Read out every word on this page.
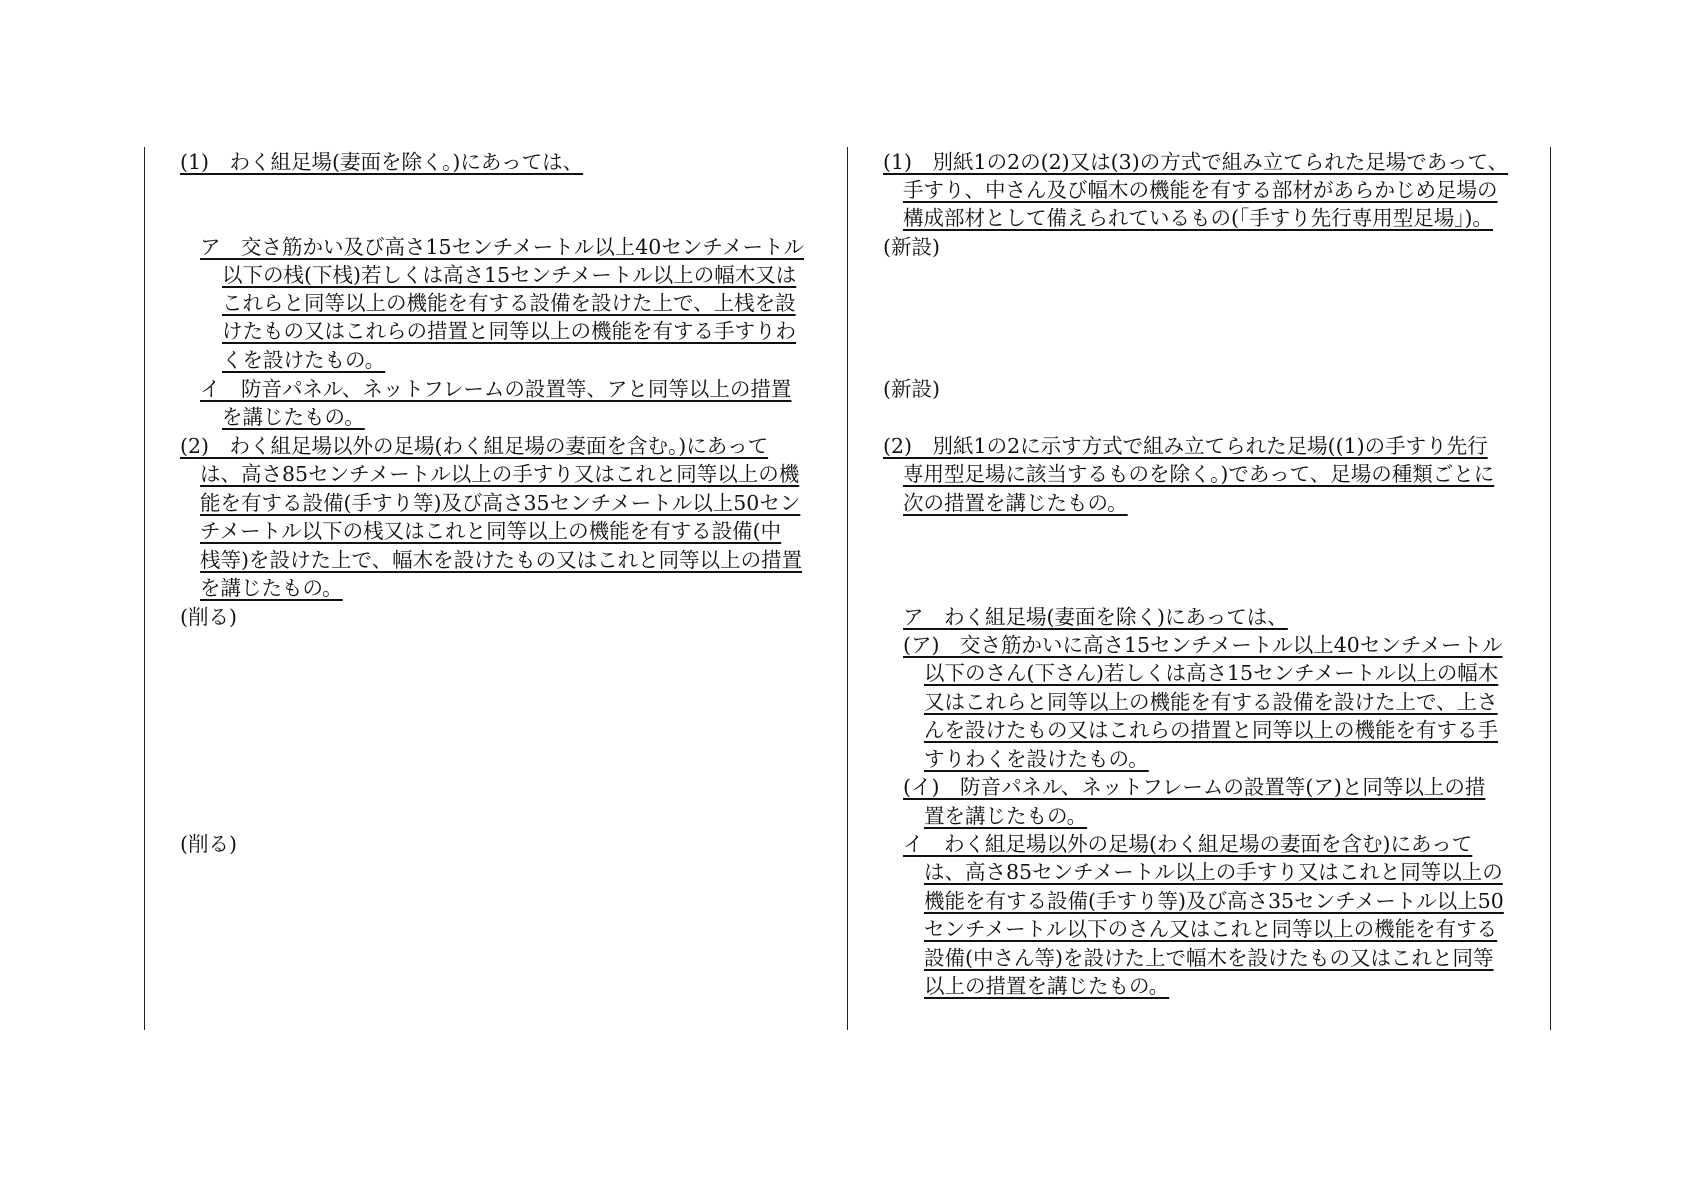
(1)　わく組足場(妻面を除く。)にあっては、

ア　交さ筋かい及び高さ15センチメートル以上40センチメートル

以下の桟(下桟)若しくは高さ15センチメートル以上の幅木又は

これらと同等以上の機能を有する設備を設けた上で、上桟を設

けたもの又はこれらの措置と同等以上の機能を有する手すりわ

くを設けたもの。

イ　防音パネル、ネットフレームの設置等、アと同等以上の措置

を講じたもの。

(2)　わく組足場以外の足場(わく組足場の妻面を含む。)にあって

は、高さ85センチメートル以上の手すり又はこれと同等以上の機

能を有する設備(手すり等)及び高さ35センチメートル以上50セン

チメートル以下の桟又はこれと同等以上の機能を有する設備(中

桟等)を設けた上で、幅木を設けたもの又はこれと同等以上の措置

を講じたもの。

(削る)

(削る)

(1)　別紙1の2の(2)又は(3)の方式で組み立てられた足場であって、

手すり、中さん及び幅木の機能を有する部材があらかじめ足場の

構成部材として備えられているもの(「手すり先行専用型足場」)。

(新設)

(新設)

(2)　別紙1の2に示す方式で組み立てられた足場((1)の手すり先行

専用型足場に該当するものを除く。)であって、足場の種類ごとに

次の措置を講じたもの。

ア　わく組足場(妻面を除く)にあっては、

(ア)　交さ筋かいに高さ15センチメートル以上40センチメートル

以下のさん(下さん)若しくは高さ15センチメートル以上の幅木

又はこれらと同等以上の機能を有する設備を設けた上で、上さ

んを設けたもの又はこれらの措置と同等以上の機能を有する手

すりわくを設けたもの。

(イ)　防音パネル、ネットフレームの設置等(ア)と同等以上の措

置を講じたもの。

イ　わく組足場以外の足場(わく組足場の妻面を含む)にあって

は、高さ85センチメートル以上の手すり又はこれと同等以上の

機能を有する設備(手すり等)及び高さ35センチメートル以上50

センチメートル以下のさん又はこれと同等以上の機能を有する

設備(中さん等)を設けた上で幅木を設けたもの又はこれと同等

以上の措置を講じたもの。
